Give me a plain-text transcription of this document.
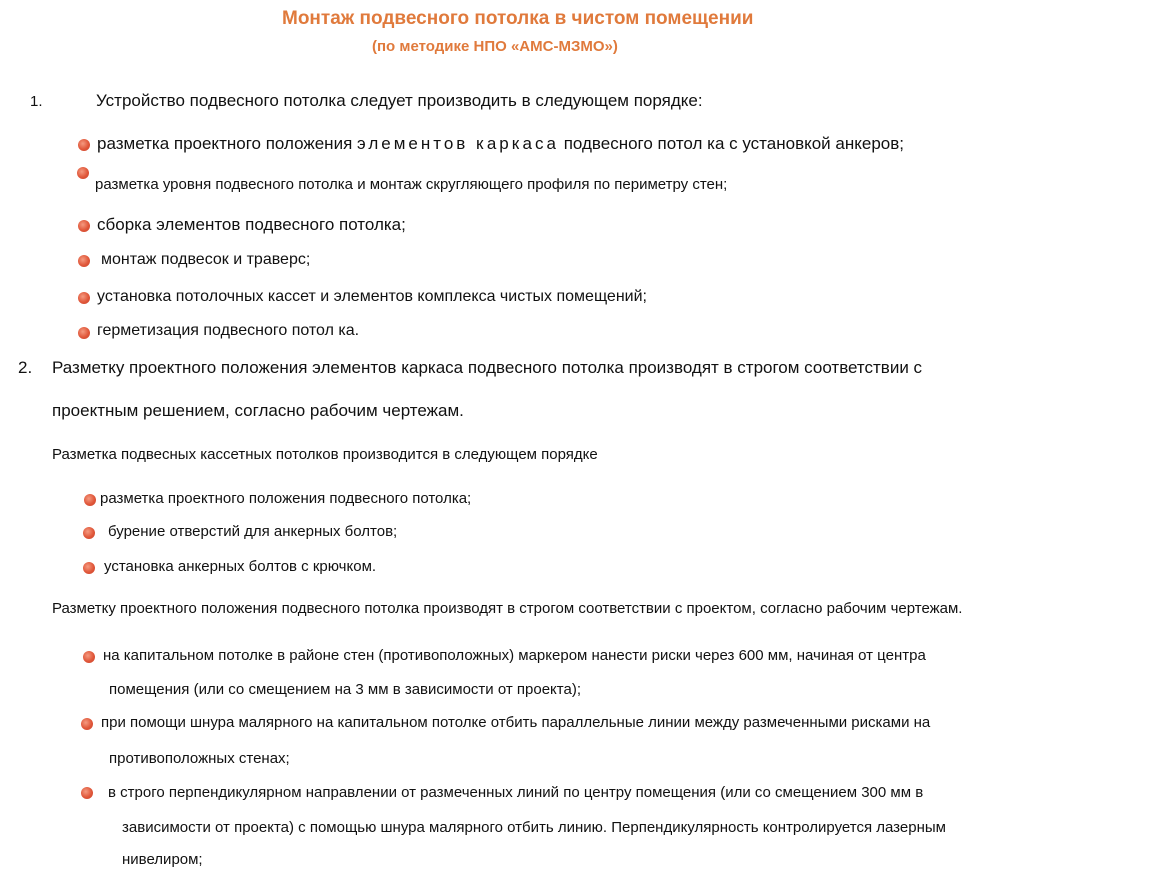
Монтаж подвесного потолка в чистом помещении
(по методике НПО «АМС-МЗМО»)
1.	Устройство подвесного потолка следует производить в следующем порядке:
разметка проектного положения элементов каркаса подвесного потол ка с установкой анкеров;
разметка уровня подвесного потолка и монтаж скругляющего профиля по периметру стен;
сборка элементов подвесного потолка;
монтаж подвесок и траверс;
установка потолочных кассет и элементов комплекса чистых помещений;
герметизация подвесного потол ка.
2. Разметку проектного положения элементов каркаса подвесного потолка производят в строгом соответствии с
проектным решением, согласно рабочим чертежам.
Разметка подвесных кассетных потолков производится в следующем порядке
разметка проектного положения подвесного потолка;
бурение отверстий для анкерных болтов;
установка анкерных болтов с крючком.
Разметку проектного положения подвесного потолка производят в строгом соответствии с проектом, согласно рабочим чертежам.
на капитальном потолке в районе стен (противоположных) маркером нанести риски через 600 мм, начиная от центра
помещения (или со смещением на 3 мм в зависимости от проекта);
при помощи шнура малярного на капитальном потолке отбить параллельные линии между размеченными рисками на
противоположных стенах;
в строго перпендикулярном направлении от размеченных линий по центру помещения (или со смещением 300 мм в
зависимости от проекта) с помощью шнура малярного отбить линию. Перпендикулярность контролируется лазерным
нивелиром;
